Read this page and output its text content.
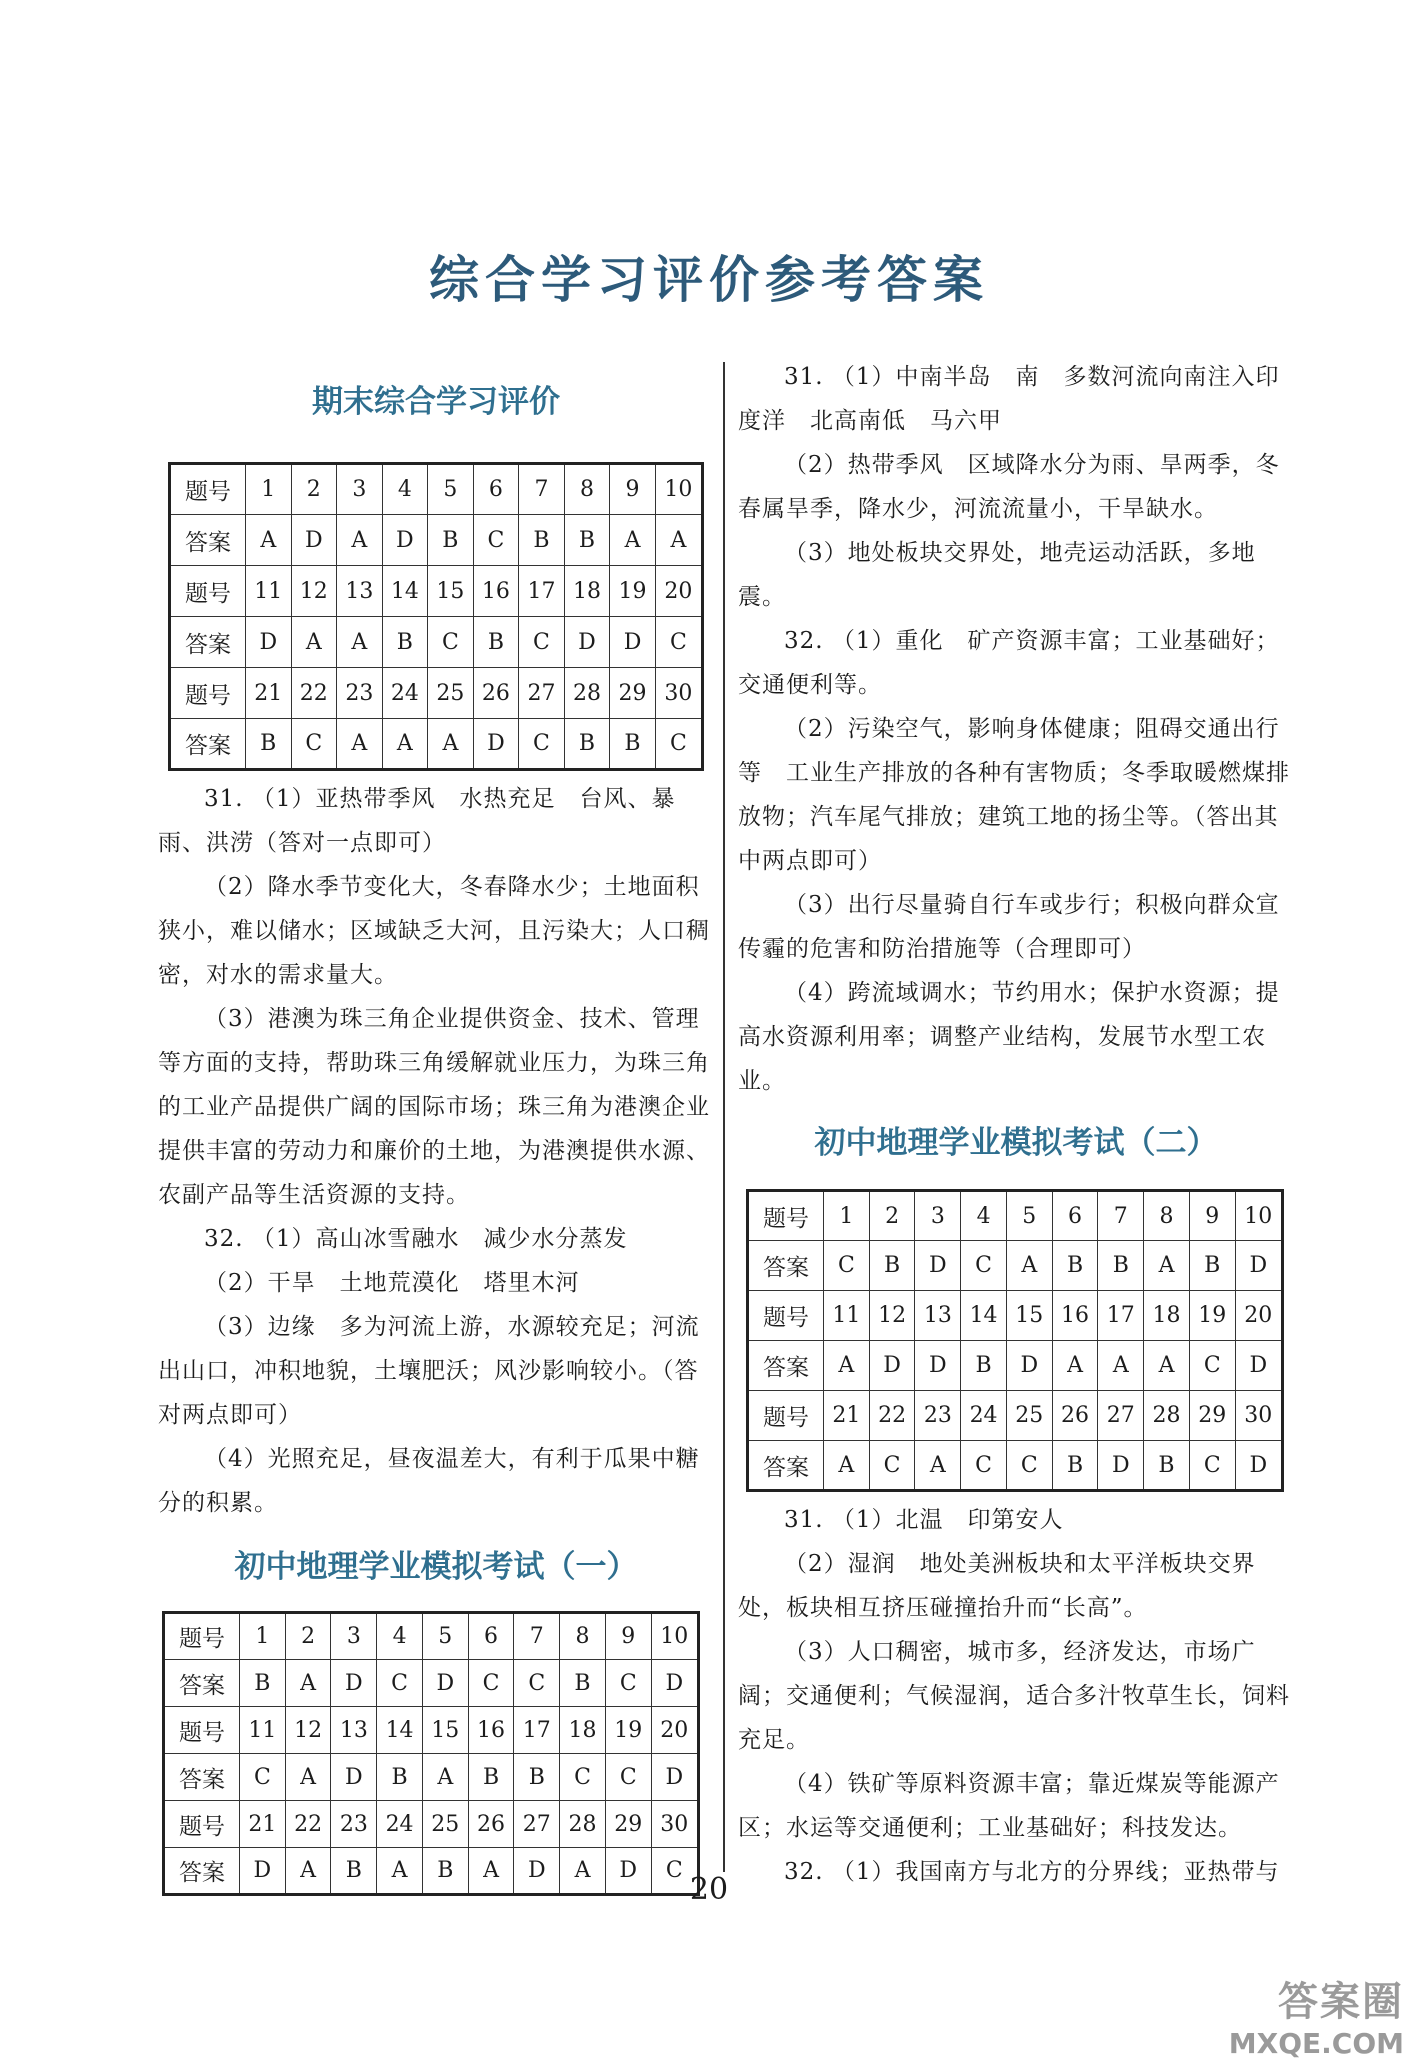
综合学习评价参考答案
期末综合学习评价
题号	1	2	3	4	5	6	7	8	9	10
答案	A	D	A	D	B	C	B	B	A	A
题号	11	12	13	14	15	16	17	18	19	20
答案	D	A	A	B	C	B	C	D	D	C
题号	21	22	23	24	25	26	27	28	29	30
答案	B	C	A	A	A	D	C	B	B	C

31. （1）亚热带季风　水热充足　台风、暴雨、洪涝（答对一点即可）

（2）降水季节变化大，冬春降水少；土地面积狭小，难以储水；区域缺乏大河，且污染大；人口稠密，对水的需求量大。

（3）港澳为珠三角企业提供资金、技术、管理等方面的支持，帮助珠三角缓解就业压力，为珠三角的工业产品提供广阔的国际市场；珠三角为港澳企业提供丰富的劳动力和廉价的土地，为港澳提供水源、农副产品等生活资源的支持。

32. （1）高山冰雪融水　减少水分蒸发

（2）干旱　土地荒漠化　塔里木河

（3）边缘　多为河流上游，水源较充足；河流出山口，冲积地貌，土壤肥沃；风沙影响较小。（答对两点即可）

（4）光照充足，昼夜温差大，有利于瓜果中糖分的积累。

初中地理学业模拟考试（一）
题号	1	2	3	4	5	6	7	8	9	10
答案	B	A	D	C	D	C	C	B	C	D
题号	11	12	13	14	15	16	17	18	19	20
答案	C	A	D	B	A	B	B	C	C	D
题号	21	22	23	24	25	26	27	28	29	30
答案	D	A	B	A	B	A	D	A	D	C

31. （1）中南半岛　南　多数河流向南注入印度洋　北高南低　马六甲

（2）热带季风　区域降水分为雨、旱两季，冬春属旱季，降水少，河流流量小，干旱缺水。

（3）地处板块交界处，地壳运动活跃，多地震。

32. （1）重化　矿产资源丰富；工业基础好；交通便利等。

（2）污染空气，影响身体健康；阻碍交通出行等　工业生产排放的各种有害物质；冬季取暖燃煤排放物；汽车尾气排放；建筑工地的扬尘等。（答出其中两点即可）

（3）出行尽量骑自行车或步行；积极向群众宣传霾的危害和防治措施等（合理即可）

（4）跨流域调水；节约用水；保护水资源；提高水资源利用率；调整产业结构，发展节水型工农业。

初中地理学业模拟考试（二）
题号	1	2	3	4	5	6	7	8	9	10
答案	C	B	D	C	A	B	B	A	B	D
题号	11	12	13	14	15	16	17	18	19	20
答案	A	D	D	B	D	A	A	A	C	D
题号	21	22	23	24	25	26	27	28	29	30
答案	A	C	A	C	C	B	D	B	C	D

31. （1）北温　印第安人

（2）湿润　地处美洲板块和太平洋板块交界处，板块相互挤压碰撞抬升而“长高”。

（3）人口稠密，城市多，经济发达，市场广阔；交通便利；气候湿润，适合多汁牧草生长，饲料充足。

（4）铁矿等原料资源丰富；靠近煤炭等能源产区；水运等交通便利；工业基础好；科技发达。

32. （1）我国南方与北方的分界线；亚热带与

20

答案圈
MXQE.COM
